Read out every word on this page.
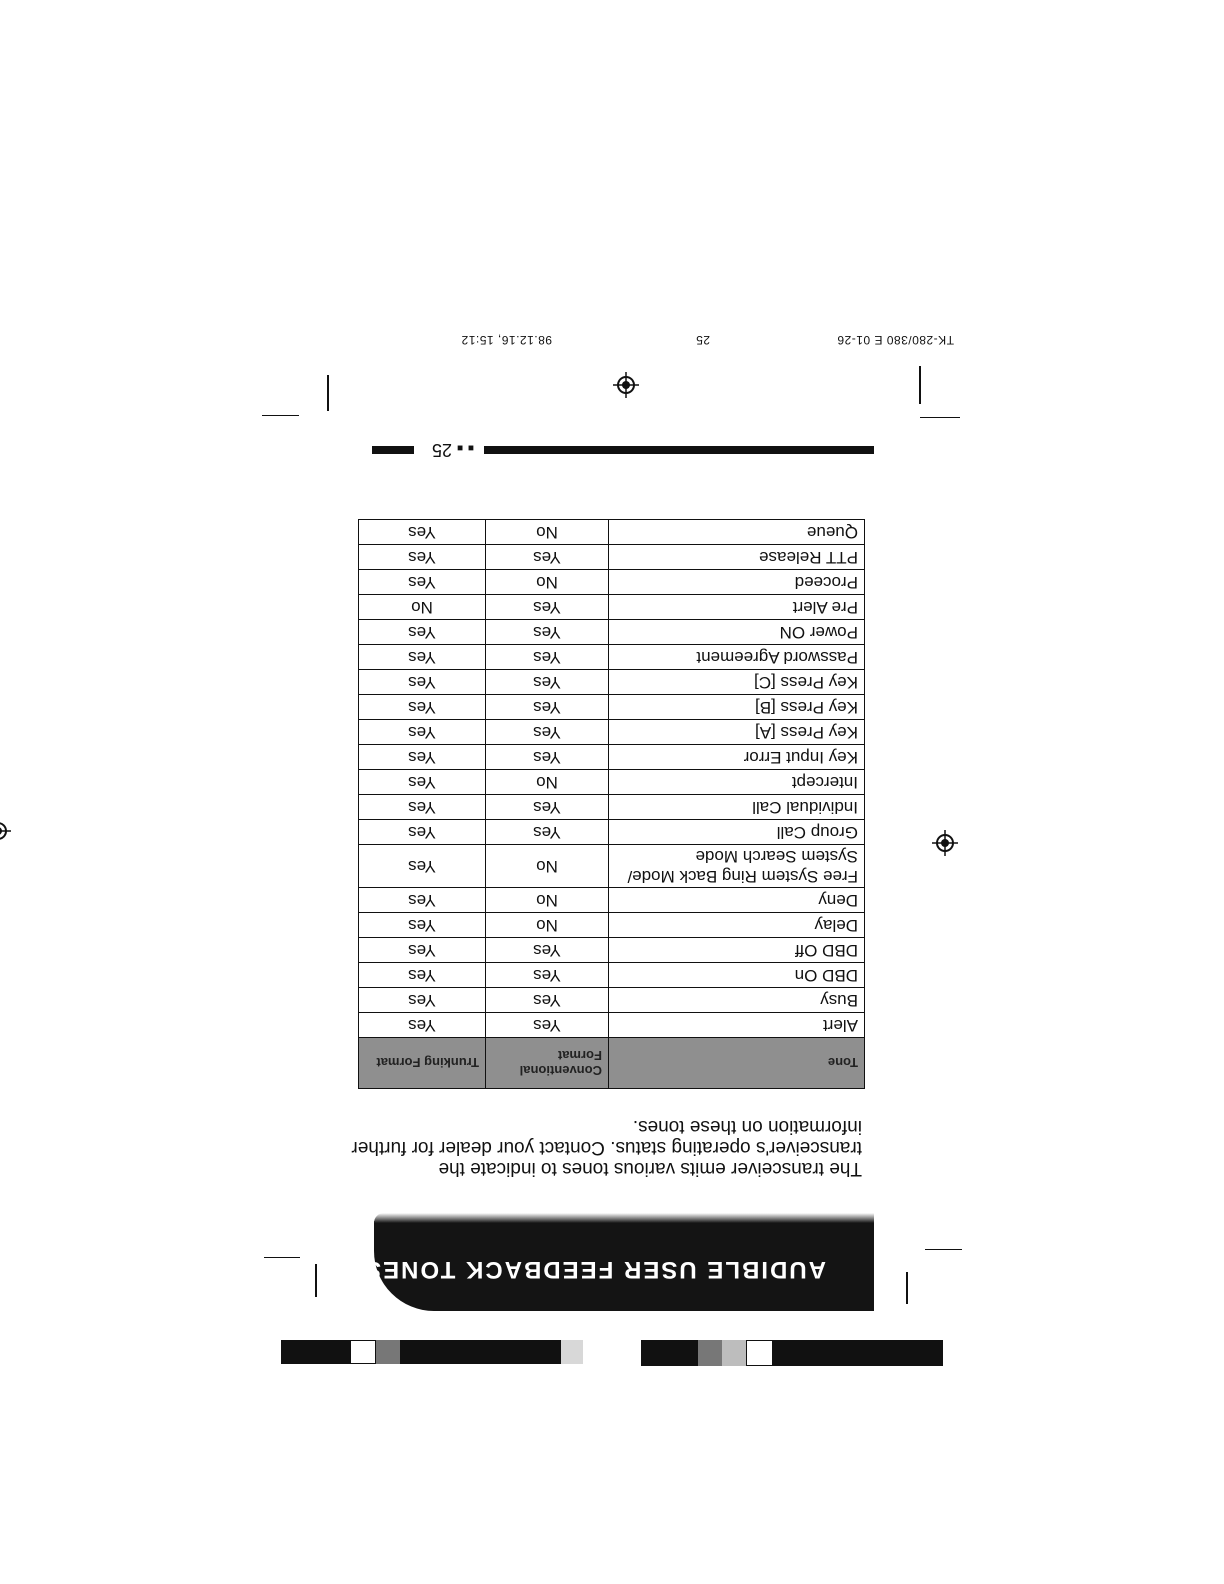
AUDIBLE USER FEEDBACK TONES
The transceiver emits various tones to indicate the transceiver's operating status. Contact your dealer for further information on these tones.
Tone	Conventional Format	Trunking Format
Alert	Yes	Yes
Busy	Yes	Yes
DBD On	Yes	Yes
DBD Off	Yes	Yes
Delay	No	Yes
Deny	No	Yes
Free System Ring Back Mode/ System Search Mode	No	Yes
Group Call	Yes	Yes
Individual Call	Yes	Yes
Intercept	No	Yes
Key Input Error	Yes	Yes
Key Press [A]	Yes	Yes
Key Press [B]	Yes	Yes
Key Press [C]	Yes	Yes
Password Agreement	Yes	Yes
Power ON	Yes	Yes
Pre Alert	Yes	No
Proceed	No	Yes
PTT Release	Yes	Yes
Queue	No	Yes
■ ■
25
TK-280/380 E 01-26
25
98.12.16, 15:12
